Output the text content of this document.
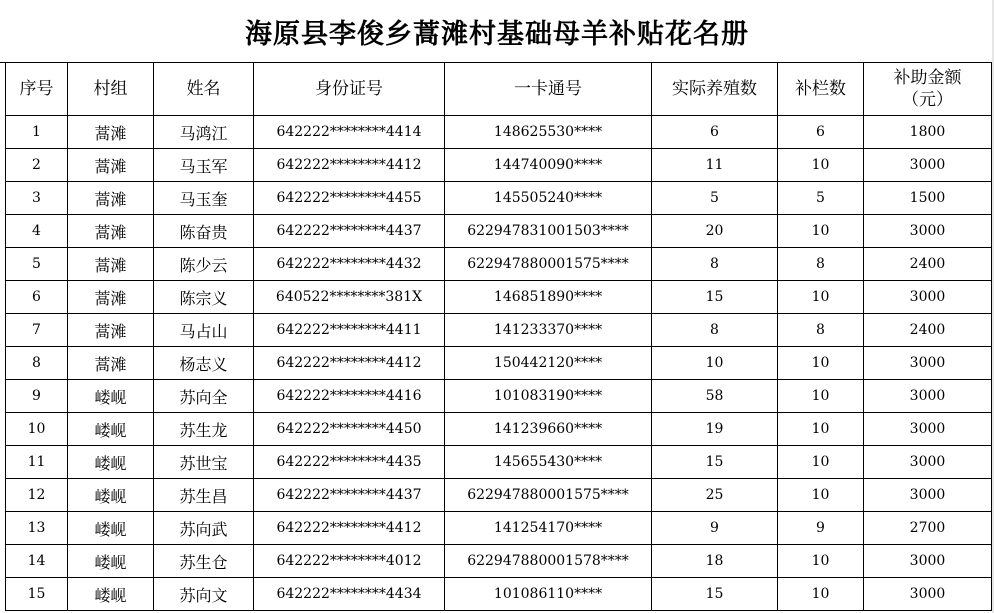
海原县李俊乡蒿滩村基础母羊补贴花名册
序号	村组	姓名	身份证号	一卡通号	实际养殖数	补栏数	补助金额
（元）

1	蒿滩	马鸿江	642222********4414	148625530****	6	6	1800
2	蒿滩	马玉军	642222********4412	144740090****	11	10	3000
3	蒿滩	马玉奎	642222********4455	145505240****	5	5	1500
4	蒿滩	陈奋贵	642222********4437	622947831001503****	20	10	3000
5	蒿滩	陈少云	642222********4432	622947880001575****	8	8	2400
6	蒿滩	陈宗义	640522********381X	146851890****	15	10	3000
7	蒿滩	马占山	642222********4411	141233370****	8	8	2400
8	蒿滩	杨志义	642222********4412	150442120****	10	10	3000
9	嵝岘	苏向全	642222********4416	101083190****	58	10	3000
10	嵝岘	苏生龙	642222********4450	141239660****	19	10	3000
11	嵝岘	苏世宝	642222********4435	145655430****	15	10	3000
12	嵝岘	苏生昌	642222********4437	622947880001575****	25	10	3000
13	嵝岘	苏向武	642222********4412	141254170****	9	9	2700
14	嵝岘	苏生仓	642222********4012	622947880001578****	18	10	3000
15	嵝岘	苏向文	642222********4434	101086110****	15	10	3000
